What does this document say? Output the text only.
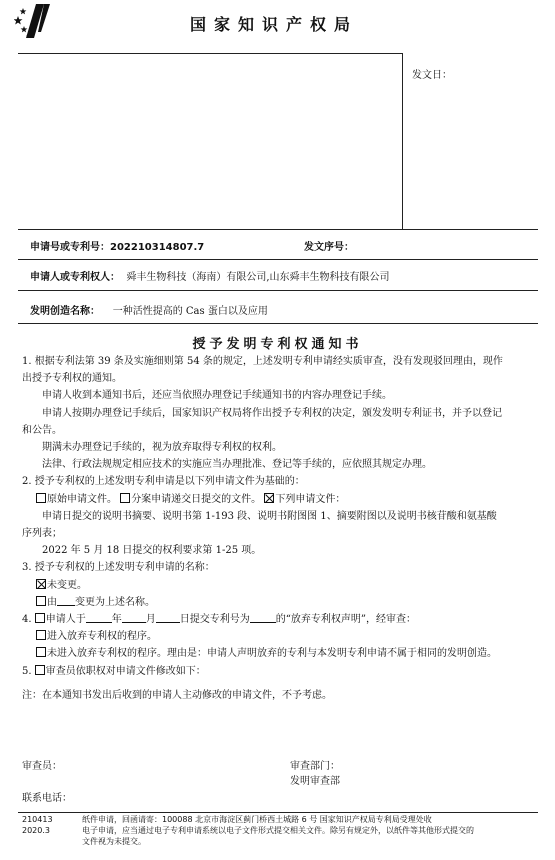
国家知识产权局
发文日：
申请号或专利号：202210314807.7	发文序号：
申请人或专利权人： 舜丰生物科技（海南）有限公司,山东舜丰生物科技有限公司
发明创造名称： 一种活性提高的 Cas 蛋白以及应用
授予发明专利权通知书

1. 根据专利法第 39 条及实施细则第 54 条的规定，上述发明专利申请经实质审查，没有发现驳回理由，现作

出授予专利权的通知。

申请人收到本通知书后，还应当依照办理登记手续通知书的内容办理登记手续。

申请人按期办理登记手续后，国家知识产权局将作出授予专利权的决定，颁发发明专利证书，并予以登记

和公告。

期满未办理登记手续的，视为放弃取得专利权的权利。

法律、行政法规规定相应技术的实施应当办理批准、登记等手续的，应依照其规定办理。

2. 授予专利权的上述发明专利申请是以下列申请文件为基础的：

原始申请文件。 分案申请递交日提交的文件。 下列申请文件：

申请日提交的说明书摘要、说明书第 1-193 段、说明书附图图 1、摘要附图以及说明书核苷酸和氨基酸

序列表；

2022 年 5 月 18 日提交的权利要求第 1-25 项。

3. 授予专利权的上述发明专利申请的名称：

未变更。

由 变更为上述名称。

4. 申请人于	年 月 日提交专利号为	的“放弃专利权声明”，经审查：

进入放弃专利权的程序。

未进入放弃专利权的程序。理由是：申请人声明放弃的专利与本发明专利申请不属于相同的发明创造。

5. 审查员依职权对申请文件修改如下：

注：在本通知书发出后收到的申请人主动修改的申请文件，不予考虑。
审查员：	审查部门：
发明审查部
联系电话：
210413	纸件申请，回函请寄：100088 北京市海淀区蓟门桥西土城路 6 号 国家知识产权局专利局受理处收
2020.3	电子申请，应当通过电子专利申请系统以电子文件形式提交相关文件。除另有规定外，以纸件等其他形式提交的
文件视为未提交。
